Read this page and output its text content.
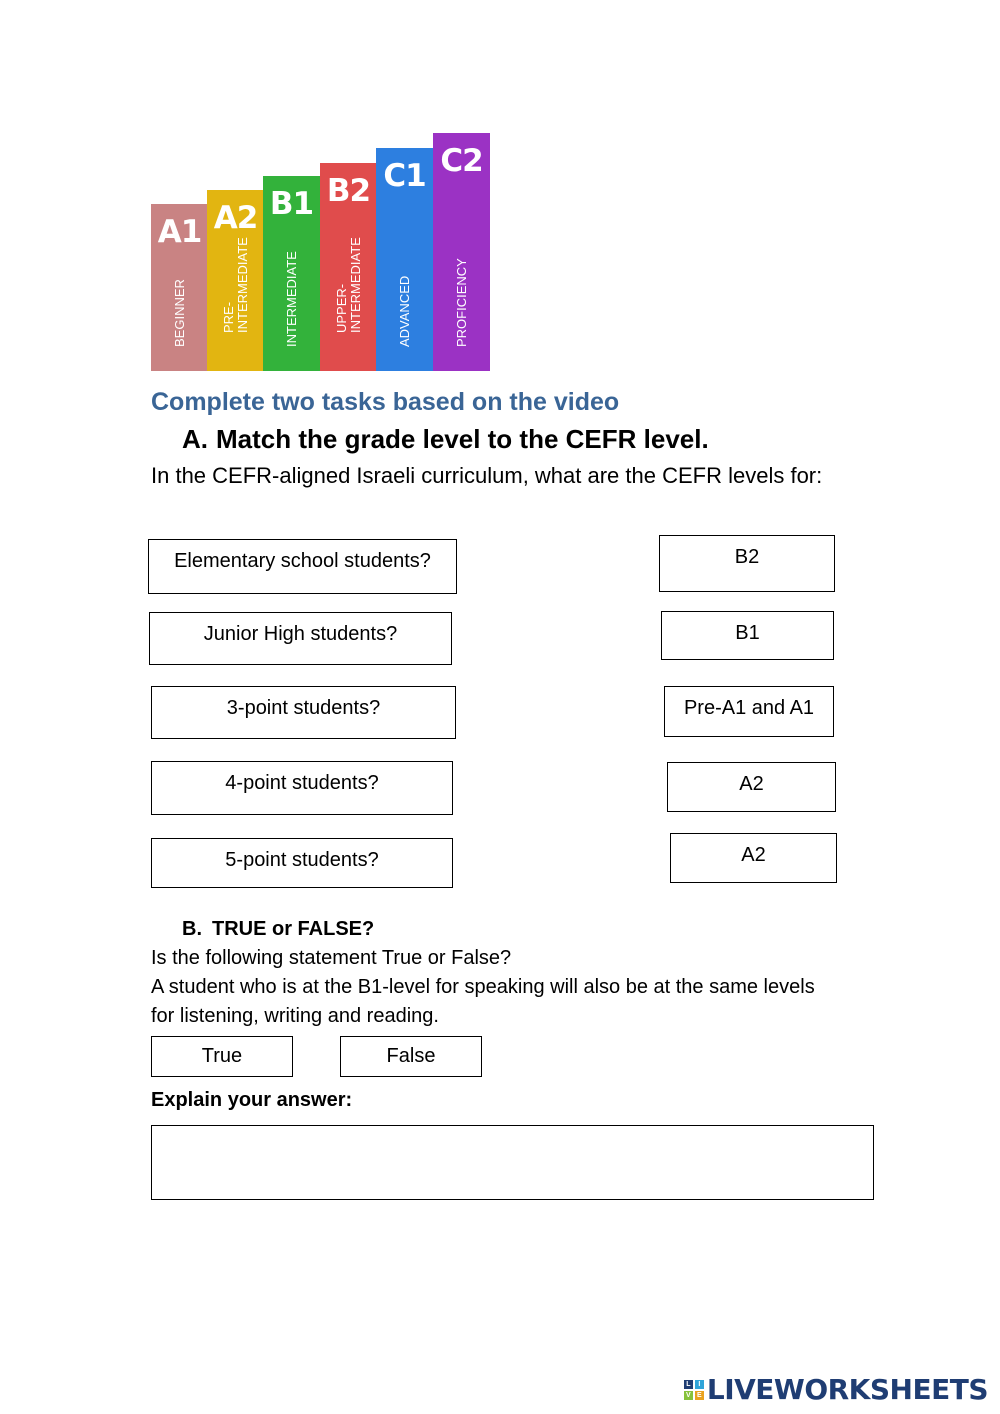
A1
BEGINNER
A2
PRE-
INTERMEDIATE
B1
INTERMEDIATE
B2
UPPER-
INTERMEDIATE
C1
ADVANCED
C2
PROFICIENCY
Complete two tasks based on the video
A. Match the grade level to the CEFR level.
In the CEFR-aligned Israeli curriculum, what are the CEFR levels for:
Elementary school students?
Junior High students?
3-point students?
4-point students?
5-point students?
B2
B1
Pre-A1 and A1
A2
A2
B. TRUE or FALSE?
Is the following statement True or False?
A student who is at the B1-level for speaking will also be at the same levels for listening, writing and reading.
True	False
Explain your answer:
L	I
V E LIVEWORKSHEETS
